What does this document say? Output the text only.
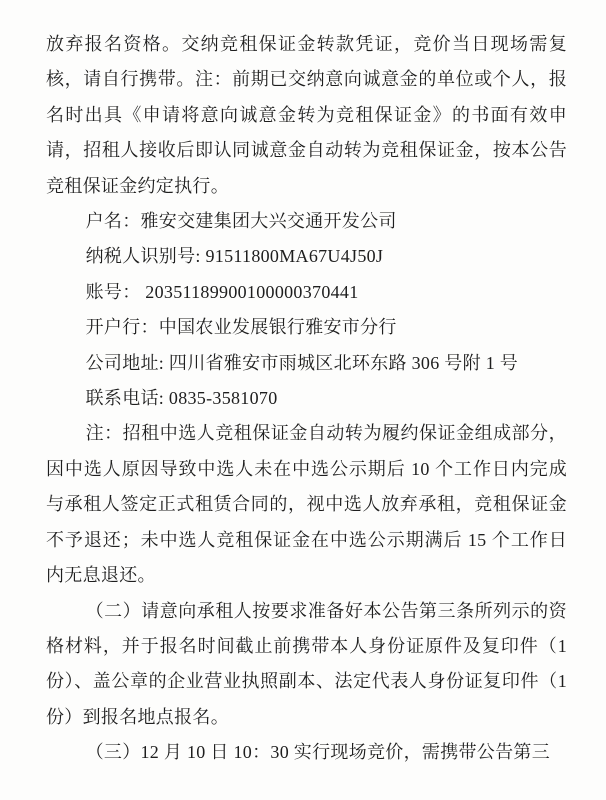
放弃报名资格。交纳竞租保证金转款凭证，竞价当日现场需复核，请自行携带。注：前期已交纳意向诚意金的单位或个人，报名时出具《申请将意向诚意金转为竞租保证金》的书面有效申请，招租人接收后即认同诚意金自动转为竞租保证金，按本公告竞租保证金约定执行。

户名：雅安交建集团大兴交通开发公司

纳税人识别号: 91511800MA67U4J50J

账号： 20351189900100000370441

开户行：中国农业发展银行雅安市分行

公司地址: 四川省雅安市雨城区北环东路 306 号附 1 号

联系电话: 0835-3581070

注：招租中选人竞租保证金自动转为履约保证金组成部分，因中选人原因导致中选人未在中选公示期后 10 个工作日内完成与承租人签定正式租赁合同的，视中选人放弃承租，竞租保证金不予退还；未中选人竞租保证金在中选公示期满后 15 个工作日内无息退还。

（二）请意向承租人按要求准备好本公告第三条所列示的资格材料，并于报名时间截止前携带本人身份证原件及复印件（1份）、盖公章的企业营业执照副本、法定代表人身份证复印件（1份）到报名地点报名。

（三）12 月 10 日 10：30 实行现场竞价，需携带公告第三
